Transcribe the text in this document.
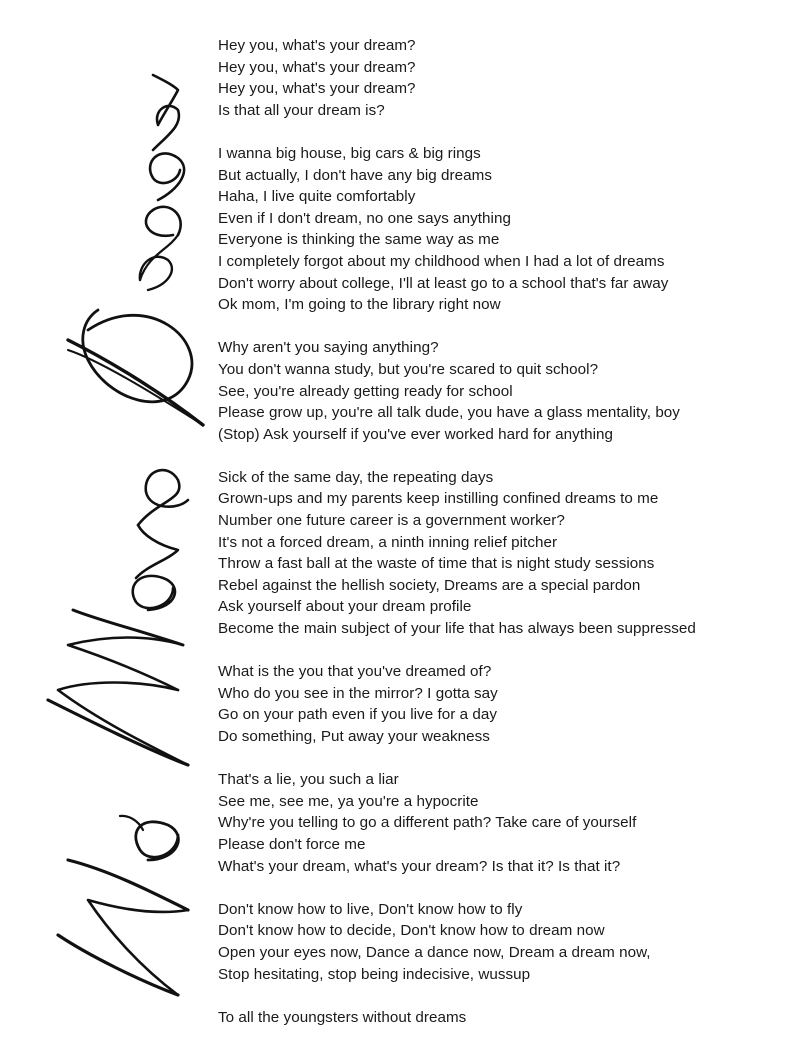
Hey you, what's your dream?
Hey you, what's your dream?
Hey you, what's your dream?
Is that all your dream is?
I wanna big house, big cars & big rings
But actually, I don't have any big dreams
Haha, I live quite comfortably
Even if I don't dream, no one says anything
Everyone is thinking the same way as me
I completely forgot about my childhood when I had a lot of dreams
Don't worry about college, I'll at least go to a school that's far away
Ok mom, I'm going to the library right now
Why aren't you saying anything?
You don't wanna study, but you're scared to quit school?
See, you're already getting ready for school
Please grow up, you're all talk dude, you have a glass mentality, boy
(Stop) Ask yourself if you've ever worked hard for anything
Sick of the same day, the repeating days
Grown-ups and my parents keep instilling confined dreams to me
Number one future career is a government worker?
It's not a forced dream, a ninth inning relief pitcher
Throw a fast ball at the waste of time that is night study sessions
Rebel against the hellish society, Dreams are a special pardon
Ask yourself about your dream profile
Become the main subject of your life that has always been suppressed
What is the you that you've dreamed of?
Who do you see in the mirror? I gotta say
Go on your path even if you live for a day
Do something, Put away your weakness
That's a lie, you such a liar
See me, see me, ya you're a hypocrite
Why're you telling to go a different path? Take care of yourself
Please don't force me
What's your dream, what's your dream? Is that it? Is that it?
Don't know how to live, Don't know how to fly
Don't know how to decide, Don't know how to dream now
Open your eyes now, Dance a dance now, Dream a dream now,
Stop hesitating, stop being indecisive, wussup
To all the youngsters without dreams
